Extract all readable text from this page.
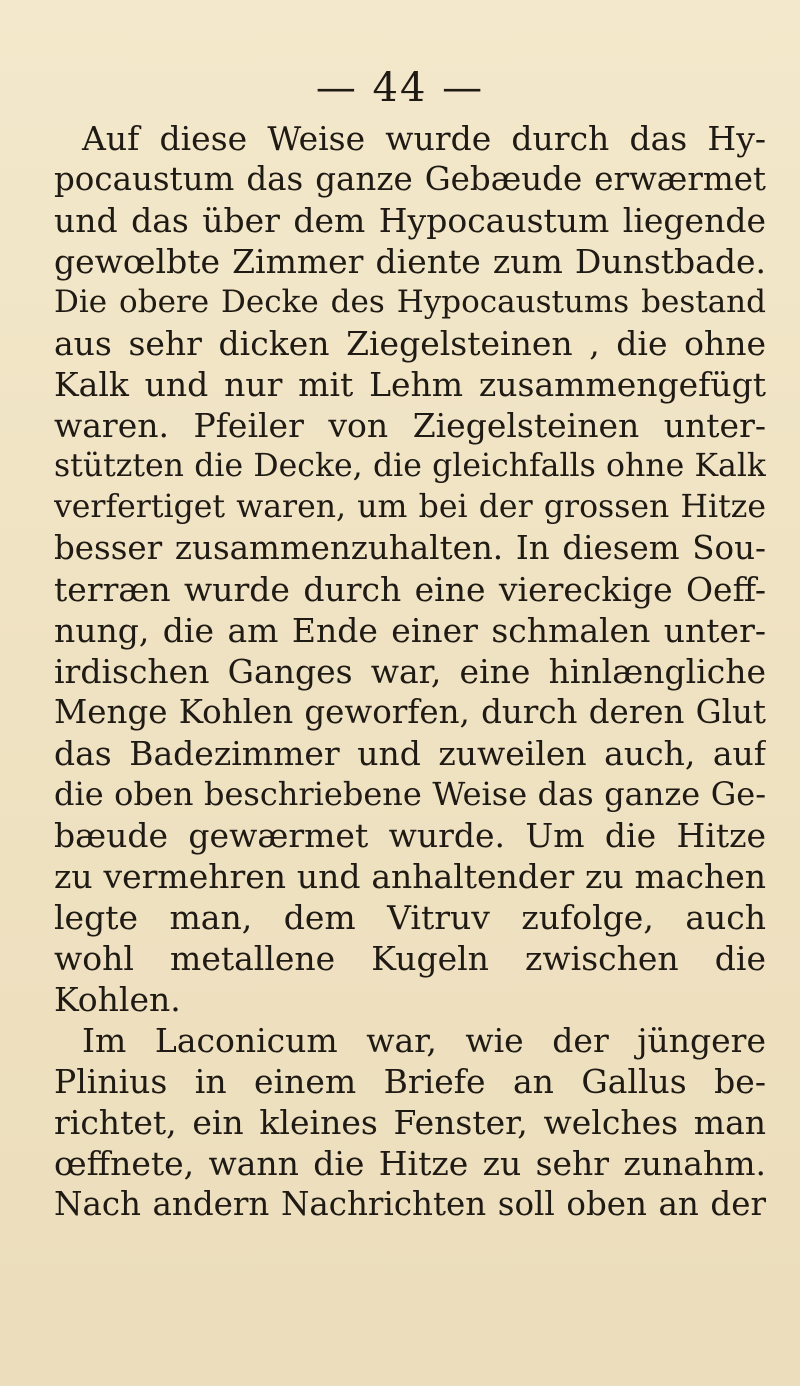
— 44 —
Auf diese Weise wurde durch das Hy-
pocaustum das ganze Gebæude erwærmet
und das über dem Hypocaustum liegende
gewœlbte Zimmer diente zum Dunstbade.
Die obere Decke des Hypocaustums bestand
aus sehr dicken Ziegelsteinen , die ohne
Kalk und nur mit Lehm zusammengefügt
waren. Pfeiler von Ziegelsteinen unter-
stützten die Decke, die gleichfalls ohne Kalk
verfertiget waren, um bei der grossen Hitze
besser zusammenzuhalten. In diesem Sou-
terræn wurde durch eine viereckige Oeff-
nung, die am Ende einer schmalen unter-
irdischen Ganges war, eine hinlængliche
Menge Kohlen geworfen, durch deren Glut
das Badezimmer und zuweilen auch, auf
die oben beschriebene Weise das ganze Ge-
bæude gewærmet wurde. Um die Hitze
zu vermehren und anhaltender zu machen
legte man, dem Vitruv zufolge, auch
wohl metallene Kugeln zwischen die
Kohlen.
Im Laconicum war, wie der jüngere
Plinius in einem Briefe an Gallus be-
richtet, ein kleines Fenster, welches man
œffnete, wann die Hitze zu sehr zunahm.
Nach andern Nachrichten soll oben an der
